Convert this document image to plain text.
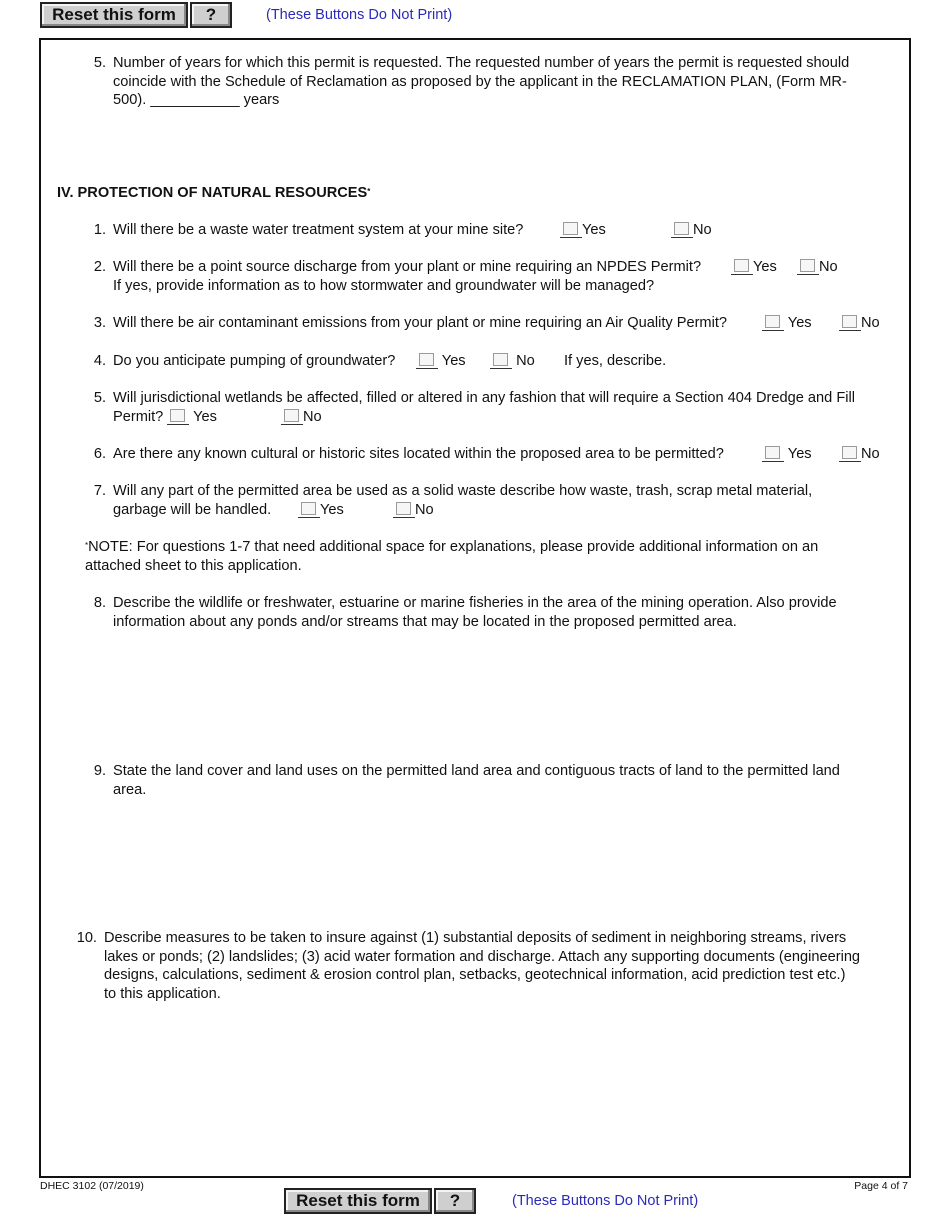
Reset this form	?	(These Buttons Do Not Print)
5. Number of years for which this permit is requested. The requested number of years the permit is requested should
coincide with the Schedule of Reclamation as proposed by the applicant in the RECLAMATION PLAN, (Form MR-
500). ___________ years
IV. PROTECTION OF NATURAL RESOURCES*
1. Will there be a waste water treatment system at your mine site?	Yes	No
2. Will there be a point source discharge from your plant or mine requiring an NPDES Permit?	Yes	No
If yes, provide information as to how stormwater and groundwater will be managed?
3. Will there be air contaminant emissions from your plant or mine requiring an Air Quality Permit?	Yes	No
4. Do you anticipate pumping of groundwater?	Yes	No If yes, describe.
5. Will jurisdictional wetlands be affected, filled or altered in any fashion that will require a Section 404 Dredge and Fill
Permit? Yes	No
6. Are there any known cultural or historic sites located within the proposed area to be permitted?	Yes	No
7. Will any part of the permitted area be used as a solid waste describe how waste, trash, scrap metal material,
garbage will be handled.	Yes	No
*NOTE: For questions 1-7 that need additional space for explanations, please provide additional information on an
attached sheet to this application.
8. Describe the wildlife or freshwater, estuarine or marine fisheries in the area of the mining operation. Also provide
information about any ponds and/or streams that may be located in the proposed permitted area.
9. State the land cover and land uses on the permitted land area and contiguous tracts of land to the permitted land
area.
10. Describe measures to be taken to insure against (1) substantial deposits of sediment in neighboring streams, rivers
lakes or ponds; (2) landslides; (3) acid water formation and discharge. Attach any supporting documents (engineering
designs, calculations, sediment & erosion control plan, setbacks, geotechnical information, acid prediction test etc.)
to this application.
DHEC 3102 (07/2019)	Page 4 of 7
Reset this form	?	(These Buttons Do Not Print)
